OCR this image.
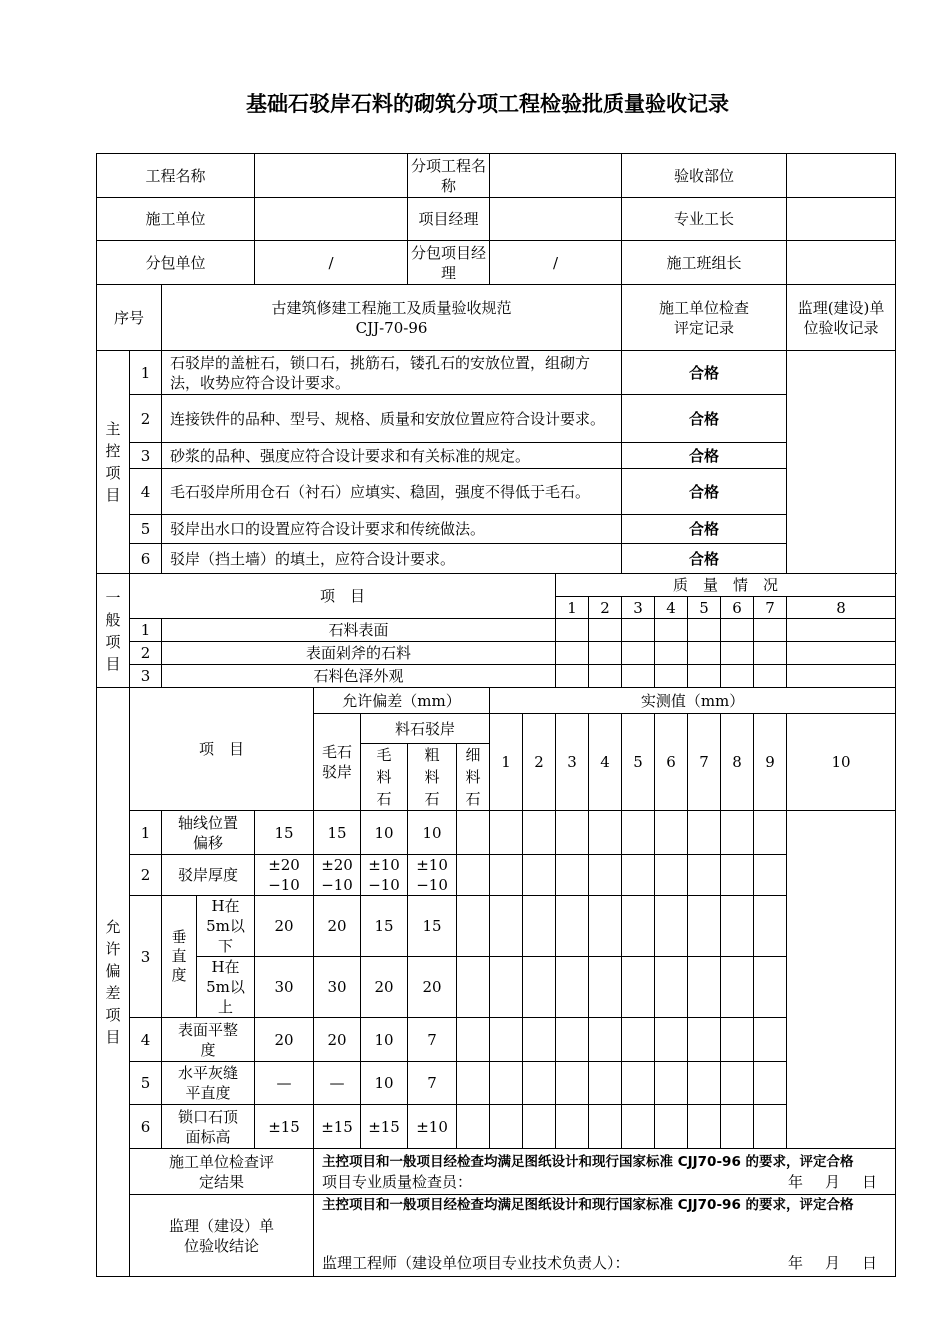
基础石驳岸石料的砌筑分项工程检验批质量验收记录
工程名称							分项工程名称						验收部位						
施工单位							项目经理						专业工长						
分包单位				/			分包项目经理		/				施工班组长						
序号		古建筑修建工程施工及质量验收规范
CJJ-70-96											施工单位检查评定记录					监理(建设)单位验收记录	

主控项目	1	石驳岸的盖桩石，锁口石，挑筋石，镂孔石的安放位置，组砌方法，收势应符合设计要求。											合格						
	2	连接铁件的品种、型号、规格、质量和安放位置应符合设计要求。											合格						
	3	砂浆的品种、强度应符合设计要求和有关标准的规定。											合格						
	4	毛石驳岸所用仓石（衬石）应填实、稳固，强度不得低于毛石。											合格						
	5	驳岸出水口的设置应符合设计要求和传统做法。											合格						
	6	驳岸（挡土墙）的填土，应符合设计要求。											合格						
一般项目	项　目										质　量　情　况								
											1	2	3	4	5	6	7	8		
	1	石料表面																	
	2	表面剁斧的石料																	
	3	石料色泽外观																	
允许偏差项目	项　目				允许偏差（mm）				实测值（mm）										

					毛石驳岸	料石驳岸			1	2	3	4	5	6	7	8	9	10	
						毛料石	粗料石	细料石											
	1	轴线位置偏移		15	15	10	10												

	2	驳岸厚度		±20 −10	±20 −10	±10 −10	±10 −10												

	3	垂直度	H在5m以下	20	20	15	15												

			H在5m以上	30	30	20	20												

	4	表面平整度		20	20	10	7												

	5	水平灰缝平直度		—	—	10	7												

	6	锁口石顶面标高		±15	±15	±15	±10												

	施工单位检查评定结果				主控项目和一般项目经检查均满足图纸设计和现行国家标准 CJJ70-96 的要求，评定合格
项目专业质量检查员： 年 月 日														

	监理（建设）单位验收结论				主控项目和一般项目经检查均满足图纸设计和现行国家标准 CJJ70-96 的要求，评定合格
监理工程师（建设单位项目专业技术负责人）： 年 月 日														
